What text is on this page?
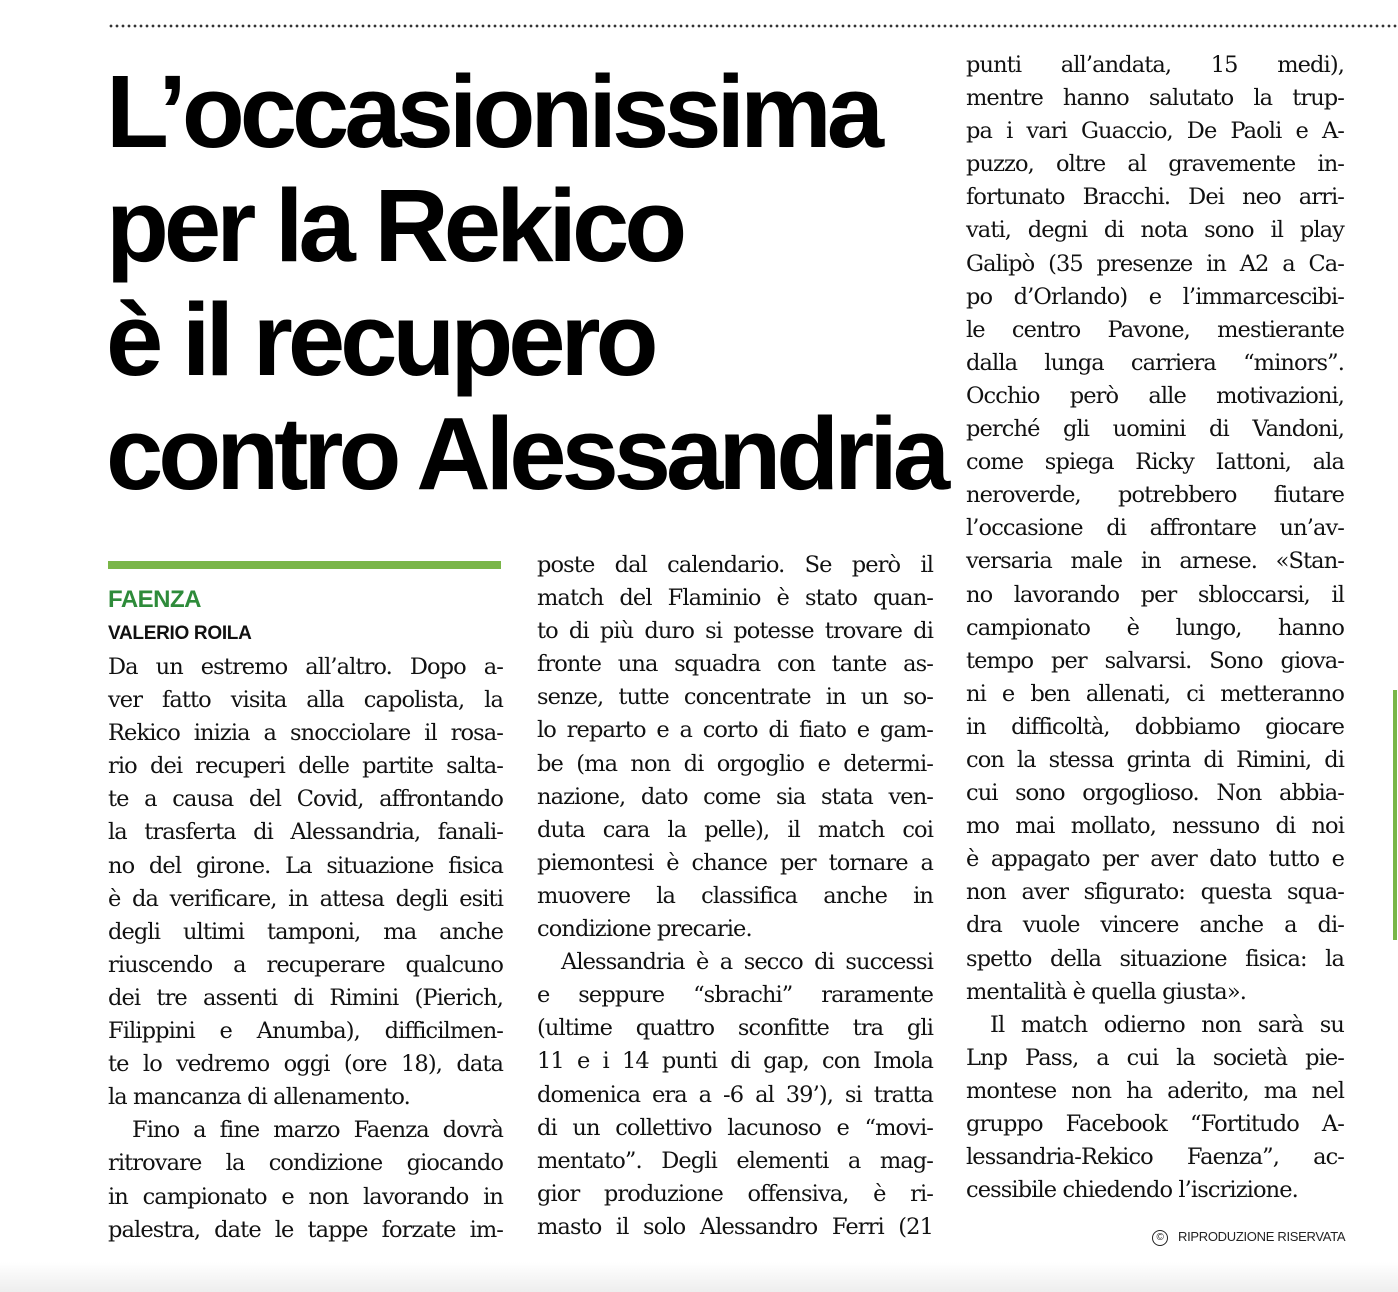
L’occasionissima
per la Rekico
è il recupero
contro Alessandria

FAENZA

VALERIO ROILA

Da un estremo all’altro. Dopo a-
ver fatto visita alla capolista, la
Rekico inizia a snocciolare il rosa-
rio dei recuperi delle partite salta-
te a causa del Covid, affrontando
la trasferta di Alessandria, fanali-
no del girone. La situazione fisica
è da verificare, in attesa degli esiti
degli ultimi tamponi, ma anche
riuscendo a recuperare qualcuno
dei tre assenti di Rimini (Pierich,
Filippini e Anumba), difficilmen-
te lo vedremo oggi (ore 18), data
la mancanza di allenamento.
Fino a fine marzo Faenza dovrà
ritrovare la condizione giocando
in campionato e non lavorando in
palestra, date le tappe forzate im-
poste dal calendario. Se però il
match del Flaminio è stato quan-
to di più duro si potesse trovare di
fronte una squadra con tante as-
senze, tutte concentrate in un so-
lo reparto e a corto di fiato e gam-
be (ma non di orgoglio e determi-
nazione, dato come sia stata ven-
duta cara la pelle), il match coi
piemontesi è chance per tornare a
muovere la classifica anche in
condizione precarie.
Alessandria è a secco di successi
e seppure “sbrachi” raramente
(ultime quattro sconfitte tra gli
11 e i 14 punti di gap, con Imola
domenica era a -6 al 39’), si tratta
di un collettivo lacunoso e “movi-
mentato”. Degli elementi a mag-
gior produzione offensiva, è ri-
masto il solo Alessandro Ferri (21
punti all’andata, 15 medi),
mentre hanno salutato la trup-
pa i vari Guaccio, De Paoli e A-
puzzo, oltre al gravemente in-
fortunato Bracchi. Dei neo arri-
vati, degni di nota sono il play
Galipò (35 presenze in A2 a Ca-
po d’Orlando) e l’immarcescibi-
le centro Pavone, mestierante
dalla lunga carriera “minors”.
Occhio però alle motivazioni,
perché gli uomini di Vandoni,
come spiega Ricky Iattoni, ala
neroverde, potrebbero fiutare
l’occasione di affrontare un’av-
versaria male in arnese. «Stan-
no lavorando per sbloccarsi, il
campionato è lungo, hanno
tempo per salvarsi. Sono giova-
ni e ben allenati, ci metteranno
in difficoltà, dobbiamo giocare
con la stessa grinta di Rimini, di
cui sono orgoglioso. Non abbia-
mo mai mollato, nessuno di noi
è appagato per aver dato tutto e
non aver sfigurato: questa squa-
dra vuole vincere anche a di-
spetto della situazione fisica: la
mentalità è quella giusta».
Il match odierno non sarà su
Lnp Pass, a cui la società pie-
montese non ha aderito, ma nel
gruppo Facebook “Fortitudo A-
lessandria-Rekico Faenza”, ac-
cessibile chiedendo l’iscrizione.

© RIPRODUZIONE RISERVATA
